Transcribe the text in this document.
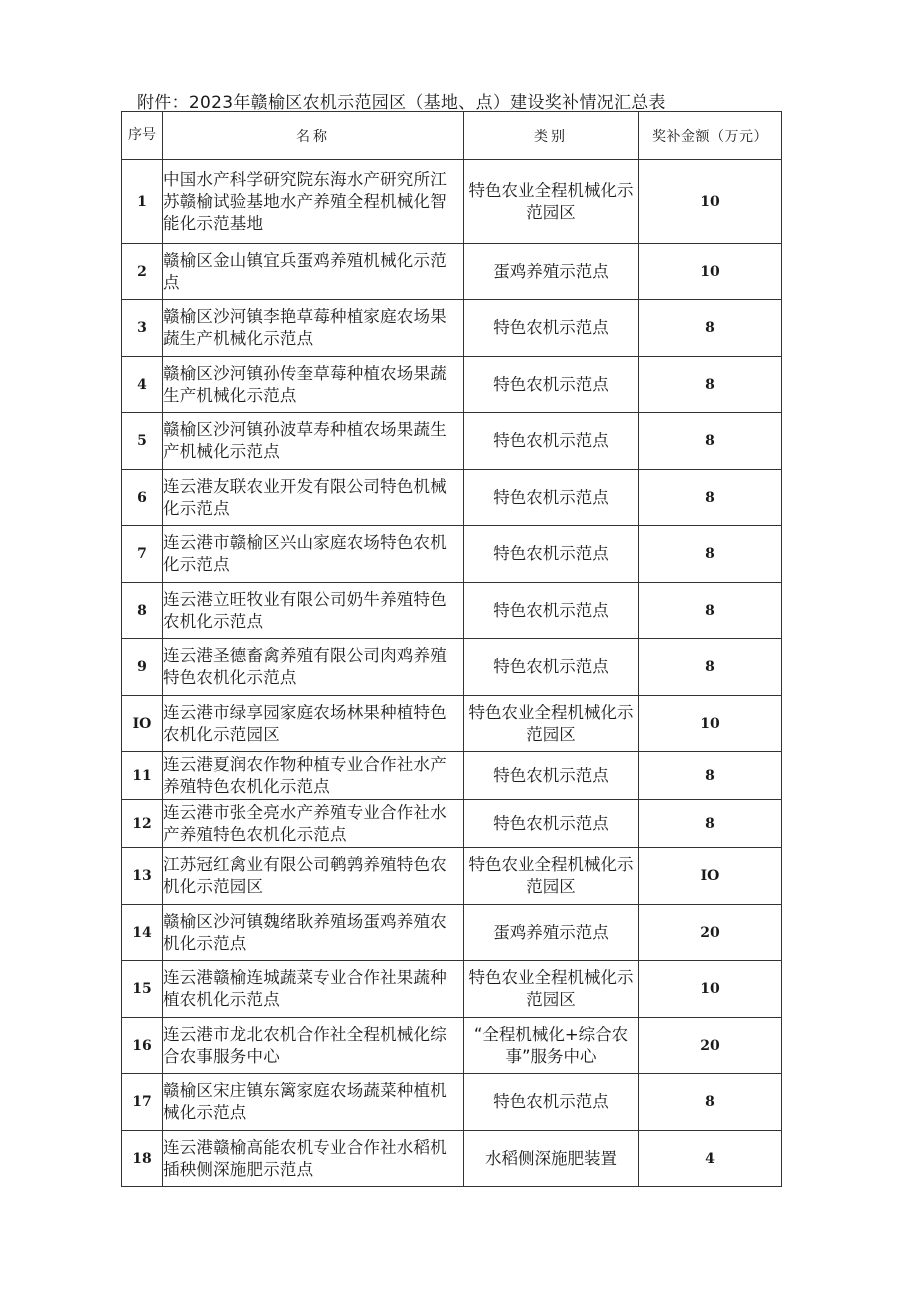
附件：2023年赣榆区农机示范园区（基地、点）建设奖补情况汇总表
序号	名称	类别	奖补金额（万元）
1	中国水产科学研究院东海水产研究所江苏赣榆试验基地水产养殖全程机械化智能化示范基地	特色农业全程机械化示范园区	10
2	赣榆区金山镇宜兵蛋鸡养殖机械化示范点	蛋鸡养殖示范点	10
3	赣榆区沙河镇李艳草莓种植家庭农场果蔬生产机械化示范点	特色农机示范点	8
4	赣榆区沙河镇孙传奎草莓种植农场果蔬生产机械化示范点	特色农机示范点	8
5	赣榆区沙河镇孙波草寿种植农场果蔬生产机械化示范点	特色农机示范点	8
6	连云港友联农业开发有限公司特色机械化示范点	特色农机示范点	8
7	连云港市赣榆区兴山家庭农场特色农机化示范点	特色农机示范点	8
8	连云港立旺牧业有限公司奶牛养殖特色农机化示范点	特色农机示范点	8
9	连云港圣德畜禽养殖有限公司肉鸡养殖特色农机化示范点	特色农机示范点	8
IO	连云港市绿享园家庭农场林果种植特色农机化示范园区	特色农业全程机械化示范园区	10
11	连云港夏润农作物种植专业合作社水产养殖特色农机化示范点	特色农机示范点	8
12	连云港市张全亮水产养殖专业合作社水产养殖特色农机化示范点	特色农机示范点	8
13	江苏冠红禽业有限公司鹌鹑养殖特色农机化示范园区	特色农业全程机械化示范园区	IO
14	赣榆区沙河镇魏绪耿养殖场蛋鸡养殖农机化示范点	蛋鸡养殖示范点	20
15	连云港赣榆连城蔬菜专业合作社果蔬种植农机化示范点	特色农业全程机械化示范园区	10
16	连云港市龙北农机合作社全程机械化综合农事服务中心	“全程机械化+综合农事”服务中心	20
17	赣榆区宋庄镇东篱家庭农场蔬菜种植机械化示范点	特色农机示范点	8
18	连云港赣榆高能农机专业合作社水稻机插秧侧深施肥示范点	水稻侧深施肥装置	4
